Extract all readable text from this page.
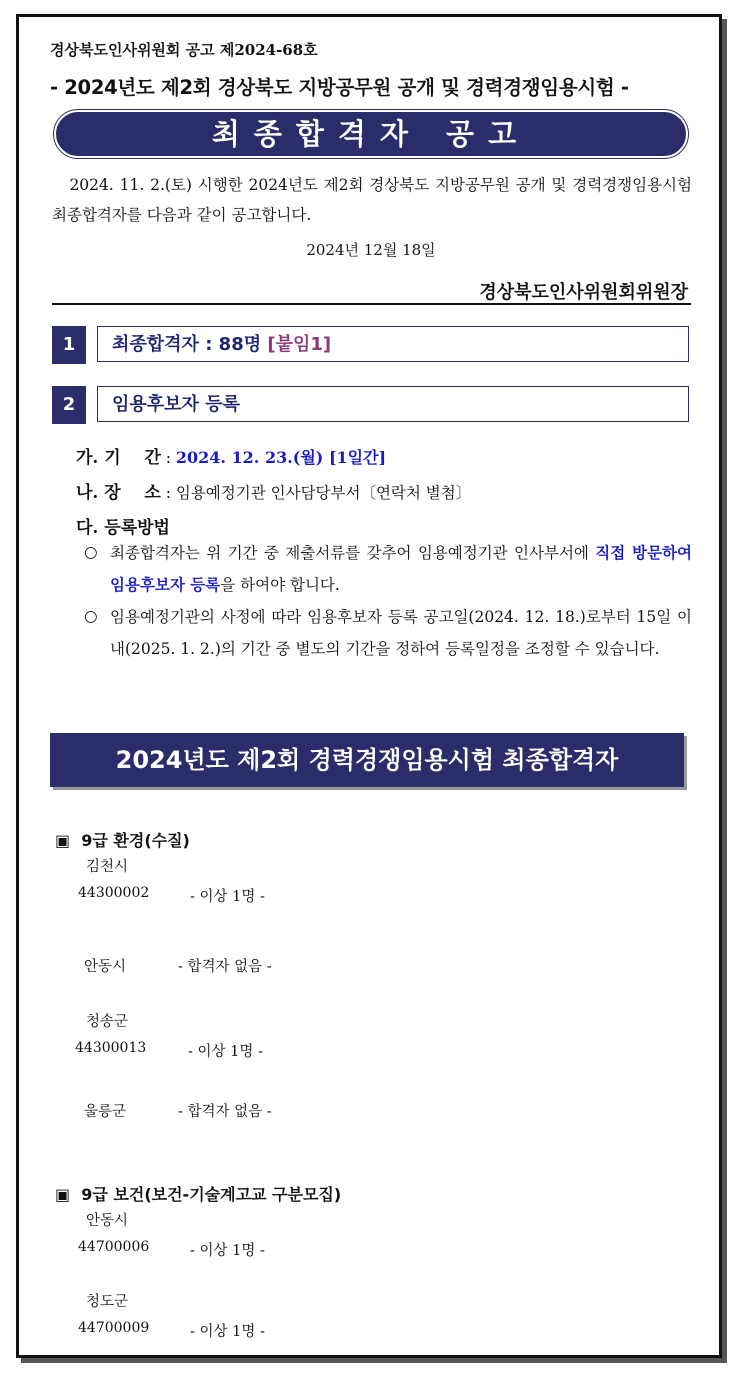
경상북도인사위원회 공고 제2024-68호
- 2024년도 제2회 경상북도 지방공무원 공개 및 경력경쟁임용시험 -
최종합격자 공고
2024. 11. 2.(토) 시행한 2024년도 제2회 경상북도 지방공무원 공개 및 경력경쟁임용시험 최종합격자를 다음과 같이 공고합니다.
2024년 12월 18일
경상북도인사위원회위원장
1	최종합격자 : 88명 [붙임1]
2	임용후보자 등록
가. 기    간 : 2024. 12. 23.(월) [1일간]
나. 장    소 : 임용예정기관 인사담당부서〔연락처 별첨〕
다. 등록방법
○ 최종합격자는 위 기간 중 제출서류를 갖추어 임용예정기관 인사부서에 직접 방문하여 임용후보자 등록을 하여야 합니다.
○ 임용예정기관의 사정에 따라 임용후보자 등록 공고일(2024. 12. 18.)로부터 15일 이내(2025. 1. 2.)의 기간 중 별도의 기간을 정하여 등록일정을 조정할 수 있습니다.
2024년도 제2회 경력경쟁임용시험 최종합격자
▣ 9급 환경(수질)
김천시
44300002	- 이상 1명 -
안동시	- 합격자 없음 -
청송군
44300013	- 이상 1명 -
울릉군	- 합격자 없음 -
▣ 9급 보건(보건-기술계고교 구분모집)
안동시
44700006	- 이상 1명 -
청도군
44700009	- 이상 1명 -
